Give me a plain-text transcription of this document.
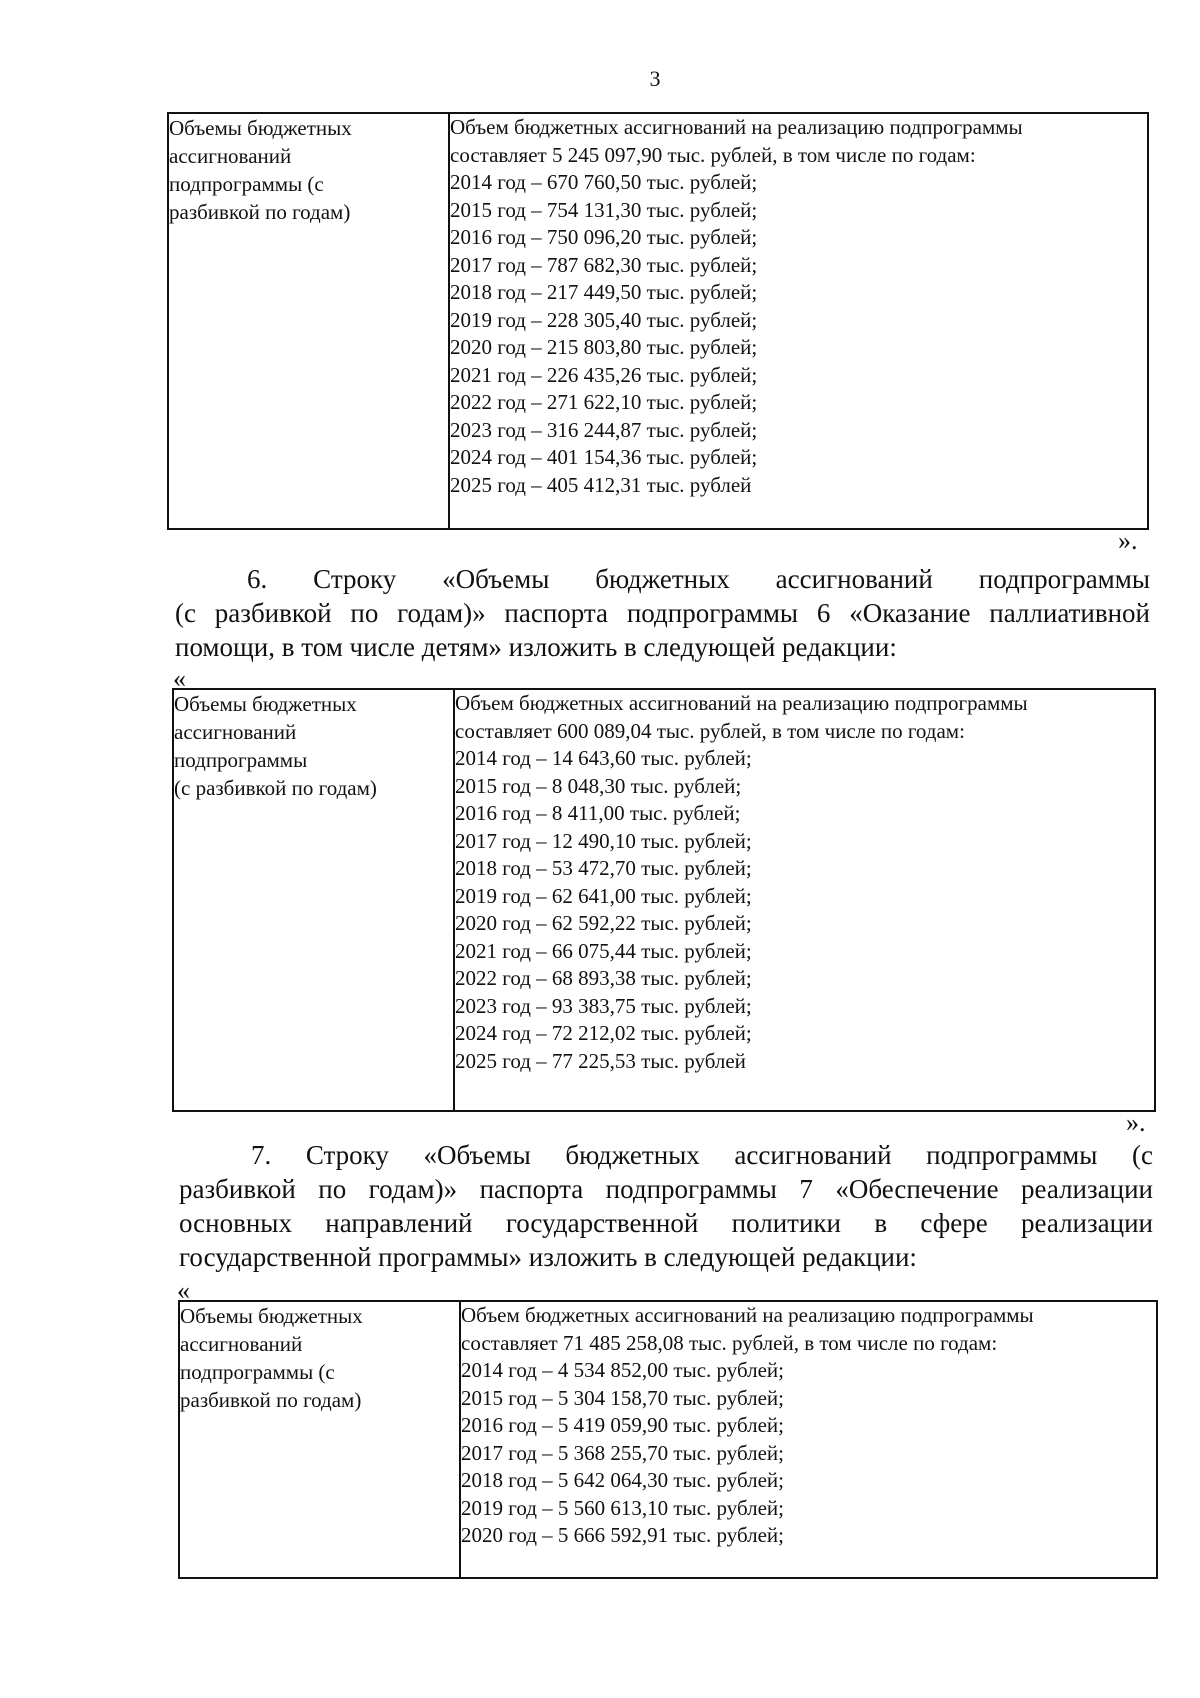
3
Объемы бюджетных
ассигнований
подпрограммы (с
разбивкой по годам)

Объем бюджетных ассигнований на реализацию подпрограммы
составляет 5 245 097,90 тыс. рублей, в том числе по годам:
2014 год – 670 760,50 тыс. рублей;
2015 год – 754 131,30 тыс. рублей;
2016 год – 750 096,20 тыс. рублей;
2017 год – 787 682,30 тыс. рублей;
2018 год – 217 449,50 тыс. рублей;
2019 год – 228 305,40 тыс. рублей;
2020 год – 215 803,80 тыс. рублей;
2021 год – 226 435,26 тыс. рублей;
2022 год – 271 622,10 тыс. рублей;
2023 год – 316 244,87 тыс. рублей;
2024 год – 401 154,36 тыс. рублей;
2025 год – 405 412,31 тыс. рублей
».
6. Строку «Объемы бюджетных ассигнований подпрограммы
(с разбивкой по годам)» паспорта подпрограммы 6 «Оказание паллиативной
помощи, в том числе детям» изложить в следующей редакции:
«
Объемы бюджетных
ассигнований
подпрограммы
(с разбивкой по годам)

Объем бюджетных ассигнований на реализацию подпрограммы
составляет 600 089,04 тыс. рублей, в том числе по годам:
2014 год – 14 643,60 тыс. рублей;
2015 год – 8 048,30 тыс. рублей;
2016 год – 8 411,00 тыс. рублей;
2017 год – 12 490,10 тыс. рублей;
2018 год – 53 472,70 тыс. рублей;
2019 год – 62 641,00 тыс. рублей;
2020 год – 62 592,22 тыс. рублей;
2021 год – 66 075,44 тыс. рублей;
2022 год – 68 893,38 тыс. рублей;
2023 год – 93 383,75 тыс. рублей;
2024 год – 72 212,02 тыс. рублей;
2025 год – 77 225,53 тыс. рублей
».
7. Строку «Объемы бюджетных ассигнований подпрограммы (с
разбивкой по годам)» паспорта подпрограммы 7 «Обеспечение реализации
основных направлений государственной политики в сфере реализации
государственной программы» изложить в следующей редакции:
«
Объемы бюджетных
ассигнований
подпрограммы (с
разбивкой по годам)

Объем бюджетных ассигнований на реализацию подпрограммы
составляет 71 485 258,08 тыс. рублей, в том числе по годам:
2014 год – 4 534 852,00 тыс. рублей;
2015 год – 5 304 158,70 тыс. рублей;
2016 год – 5 419 059,90 тыс. рублей;
2017 год – 5 368 255,70 тыс. рублей;
2018 год – 5 642 064,30 тыс. рублей;
2019 год – 5 560 613,10 тыс. рублей;
2020 год – 5 666 592,91 тыс. рублей;
